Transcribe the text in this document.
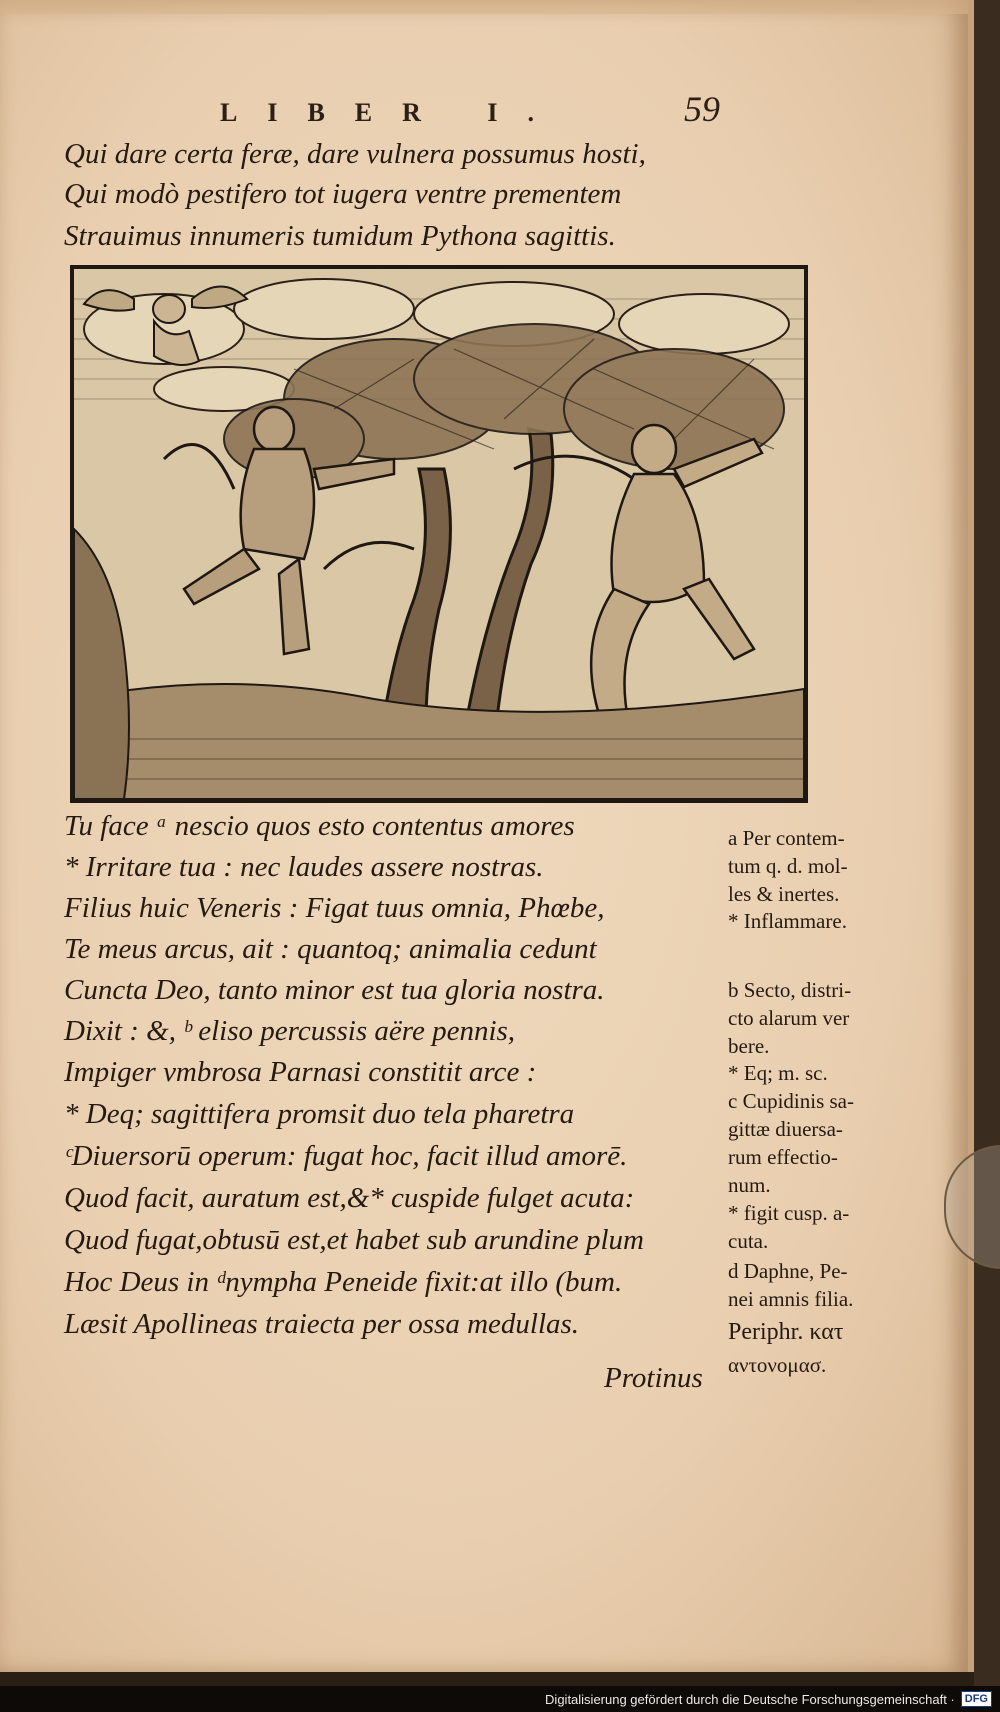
LIBER I.	59
Qui dare certa feræ, dare vulnera possumus hosti,
Qui modò pestifero tot iugera ventre prementem
Strauimus innumeris tumidum Pythona sagittis.
Tu face ᵃ nescio quos esto contentus amores
* Irritare tua : nec laudes assere nostras.
Filius huic Veneris : Figat tuus omnia, Phœbe,
Te meus arcus, ait : quantoq; animalia cedunt
Cuncta Deo, tanto minor est tua gloria nostra.
Dixit : &, ᵇ eliso percussis aëre pennis,
Impiger vmbrosa Parnasi constitit arce :
* Deq; sagittifera promsit duo tela pharetra
ᶜDiuersorū operum: fugat hoc, facit illud amorē.
Quod facit, auratum est,&* cuspide fulget acuta:
Quod fugat,obtusū est,et habet sub arundine plum
Hoc Deus in ᵈnympha Peneide fixit:at illo (bum.
Læsit Apollineas traiecta per ossa medullas.
a Per contem-
tum q. d. mol-
les & inertes.
* Inflammare.
b Secto, distri-
cto alarum ver
bere.
* Eq; m. sc.
c Cupidinis sa-
gittæ diuersa-
rum effectio-
num.
* figit cusp. a-
cuta.
d Daphne, Pe-
nei amnis filia.
Periphr. κατ
αντονομασ.
Protinus
Digitalisierung gefördert durch die Deutsche Forschungsgemeinschaft · DFG
